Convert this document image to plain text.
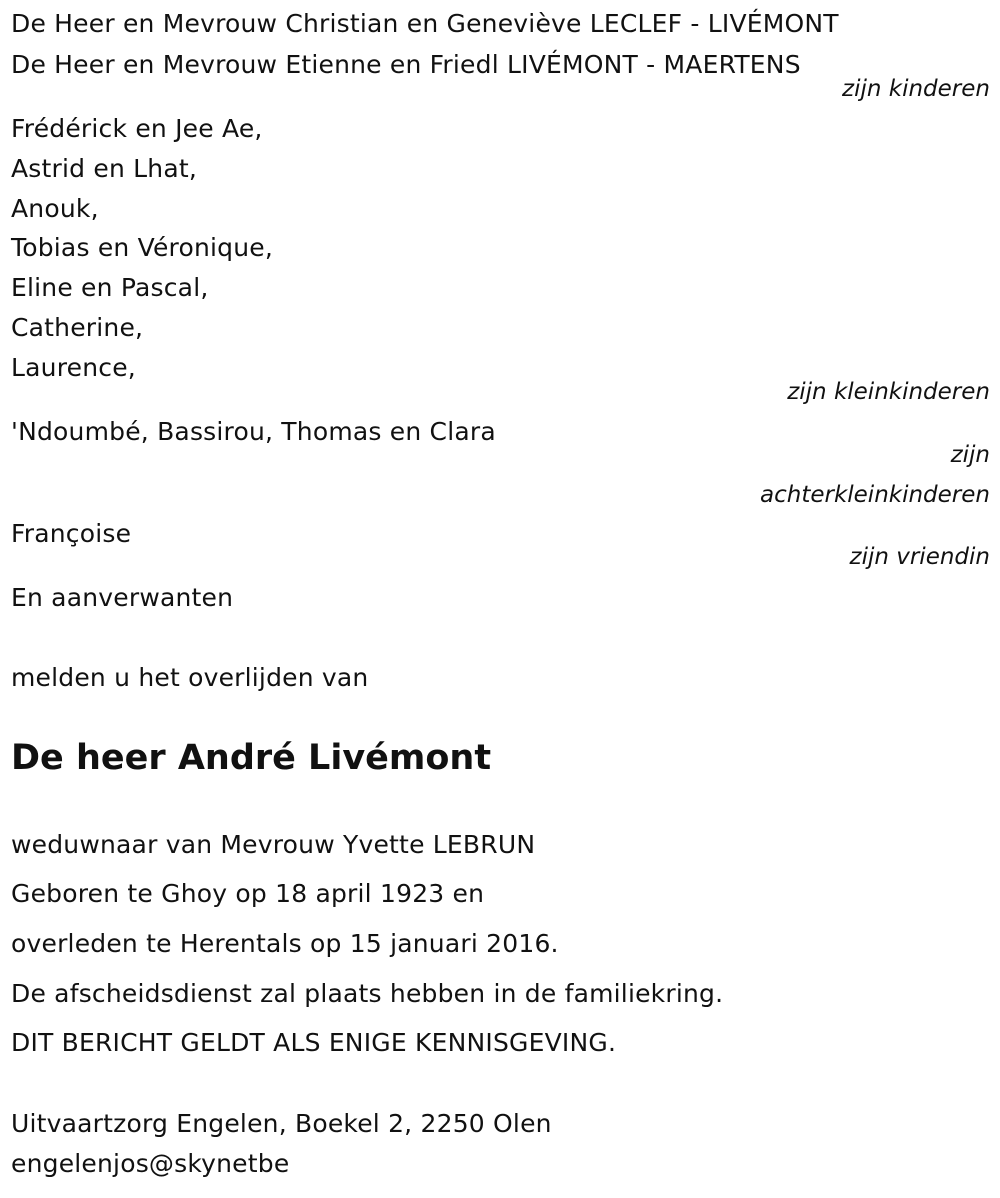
De Heer en Mevrouw Christian en Geneviève LECLEF - LIVÉMONT
De Heer en Mevrouw Etienne en Friedl LIVÉMONT - MAERTENS
zijn kinderen
Frédérick en Jee Ae,
Astrid en Lhat,
Anouk,
Tobias en Véronique,
Eline en Pascal,
Catherine,
Laurence,
zijn kleinkinderen
'Ndoumbé, Bassirou, Thomas en Clara
zijn
achterkleinkinderen
Françoise
zijn vriendin
En aanverwanten
melden u het overlijden van
De heer André Livémont
weduwnaar van Mevrouw Yvette LEBRUN
Geboren te Ghoy op 18 april 1923 en
overleden te Herentals op 15 januari 2016.
De afscheidsdienst zal plaats hebben in de familiekring.
DIT BERICHT GELDT ALS ENIGE KENNISGEVING.
Uitvaartzorg Engelen, Boekel 2, 2250 Olen
engelenjos@skynetbe
